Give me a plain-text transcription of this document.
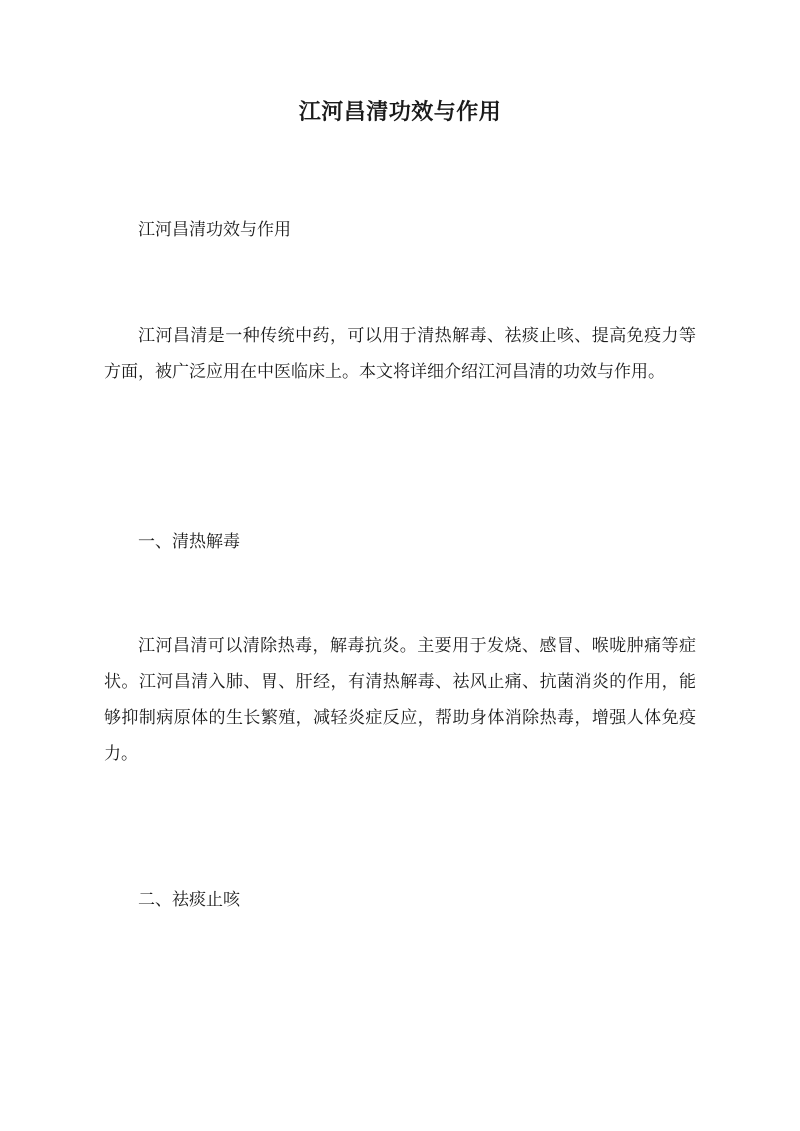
江河昌清功效与作用
江河昌清功效与作用
江河昌清是一种传统中药，可以用于清热解毒、祛痰止咳、提高免疫力等方面，被广泛应用在中医临床上。本文将详细介绍江河昌清的功效与作用。
一、清热解毒
江河昌清可以清除热毒，解毒抗炎。主要用于发烧、感冒、喉咙肿痛等症状。江河昌清入肺、胃、肝经，有清热解毒、祛风止痛、抗菌消炎的作用，能够抑制病原体的生长繁殖，减轻炎症反应，帮助身体消除热毒，增强人体免疫力。
二、祛痰止咳
